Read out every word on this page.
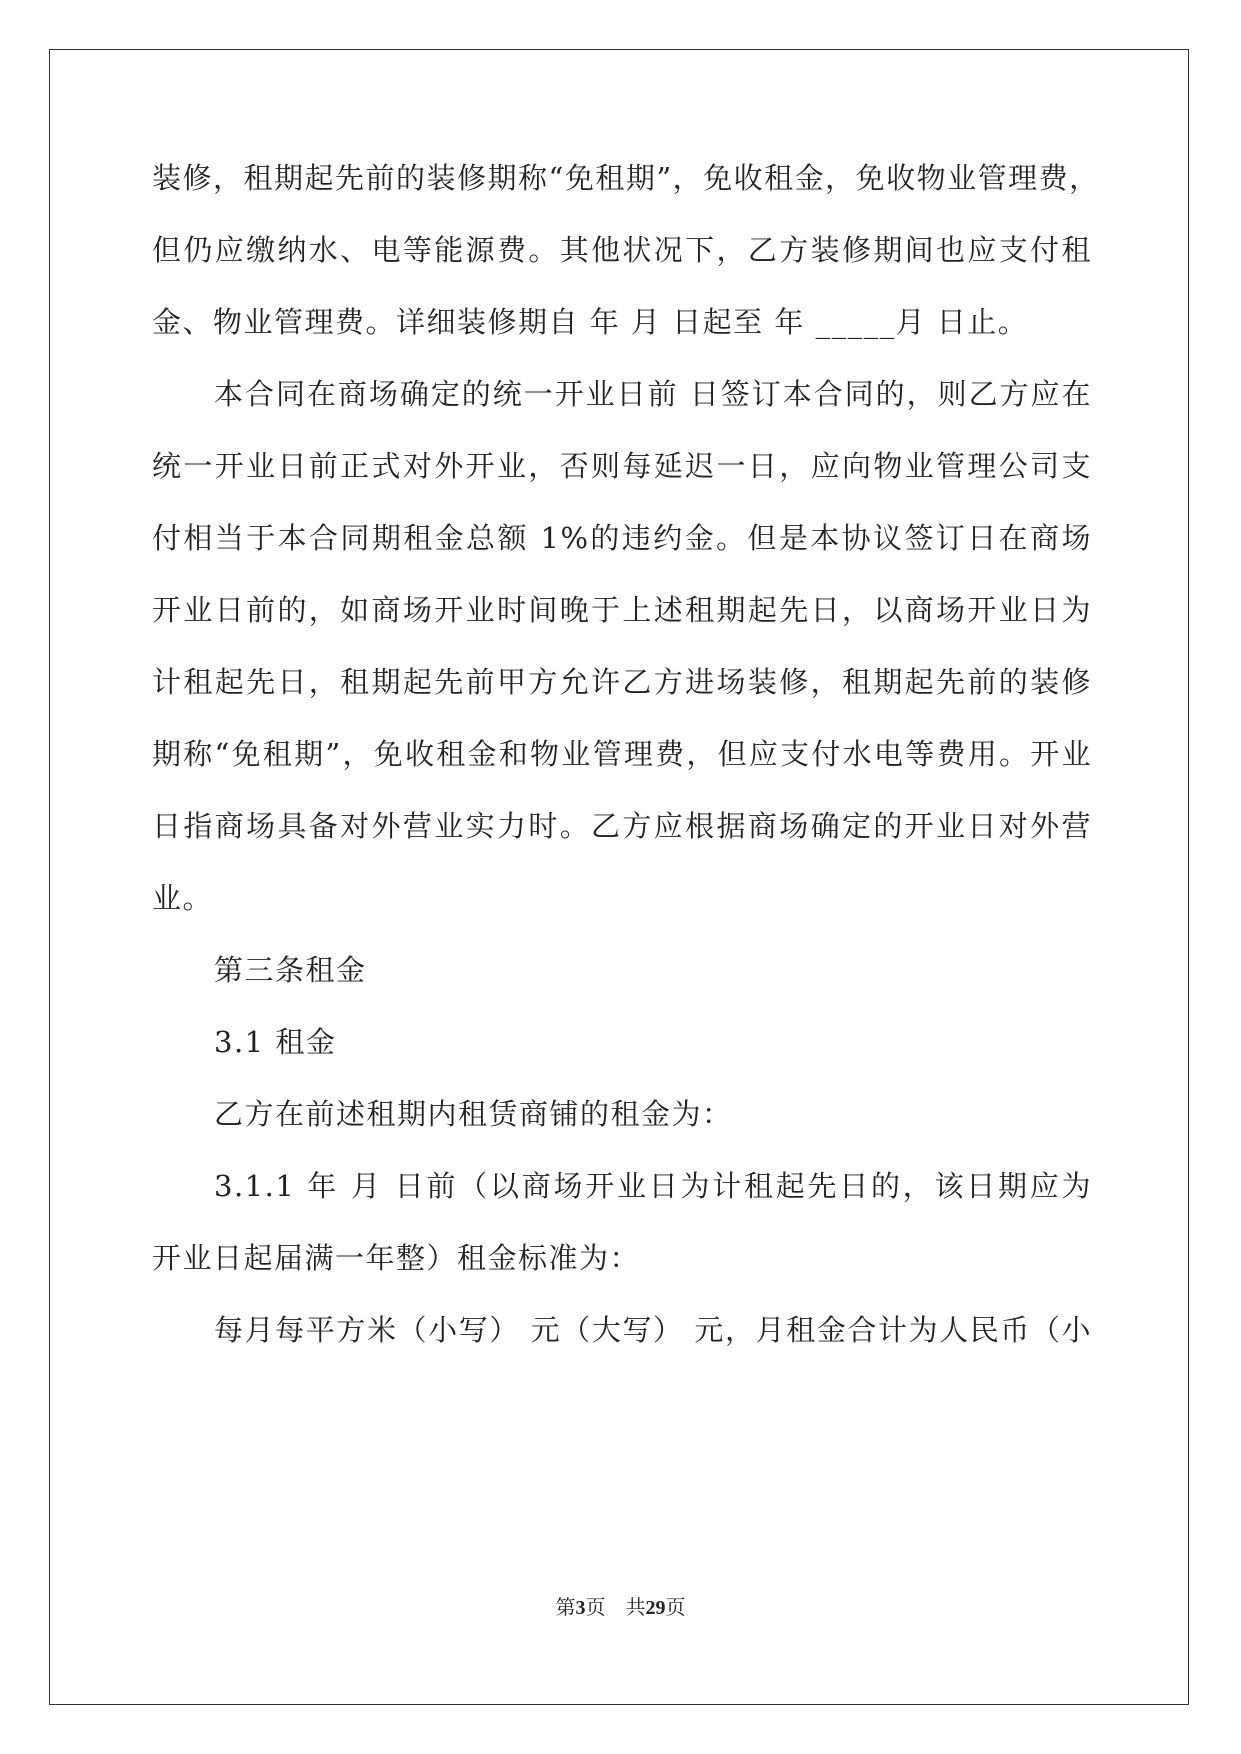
装修，租期起先前的装修期称“免租期”，免收租金，免收物业管理费，
但仍应缴纳水、电等能源费。其他状况下，乙方装修期间也应支付租
金、物业管理费。详细装修期自 年 月 日起至 年 _____月 日止。
本合同在商场确定的统一开业日前 日签订本合同的，则乙方应在
统一开业日前正式对外开业，否则每延迟一日，应向物业管理公司支
付相当于本合同期租金总额 1%的违约金。但是本协议签订日在商场
开业日前的，如商场开业时间晚于上述租期起先日，以商场开业日为
计租起先日，租期起先前甲方允许乙方进场装修，租期起先前的装修
期称“免租期”，免收租金和物业管理费，但应支付水电等费用。开业
日指商场具备对外营业实力时。乙方应根据商场确定的开业日对外营
业。
第三条租金
3.1 租金
乙方在前述租期内租赁商铺的租金为：
3.1.1 年 月 日前（以商场开业日为计租起先日的，该日期应为
开业日起届满一年整）租金标准为：
每月每平方米（小写） 元（大写） 元，月租金合计为人民币（小
第3页　共29页
